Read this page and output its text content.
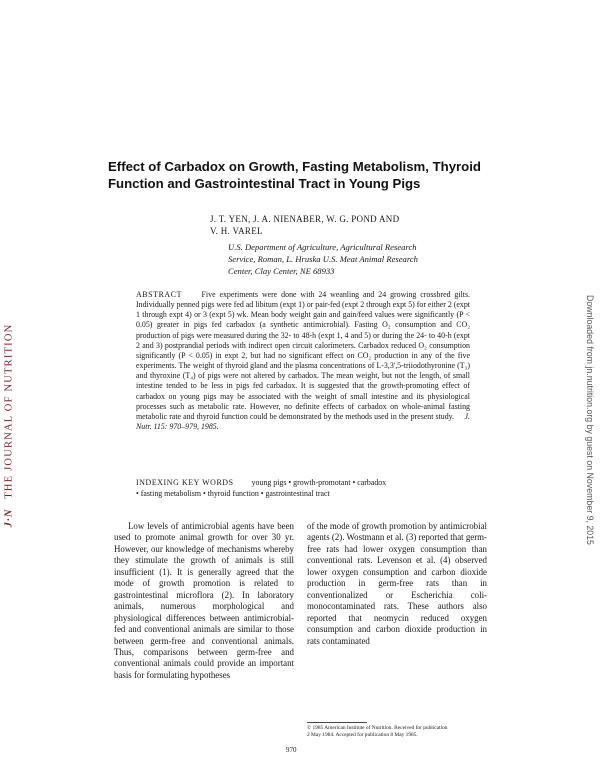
J·N THE JOURNAL OF NUTRITION	Downloaded from jn.nutrition.org by guest on November 9, 2015
Effect of Carbadox on Growth, Fasting Metabolism, Thyroid Function and Gastrointestinal Tract in Young Pigs
J. T. YEN, J. A. NIENABER, W. G. POND AND
V. H. VAREL
U.S. Department of Agriculture, Agricultural Research
Service, Roman, L. Hruska U.S. Meat Animal Research
Center, Clay Center, NE 68933
ABSTRACT Five experiments were done with 24 weanling and 24 growing crossbred gilts. Individually penned pigs were fed ad libitum (expt 1) or pair-fed (expt 2 through expt 5) for either 2 (expt 1 through expt 4) or 3 (expt 5) wk. Mean body weight gain and gain/feed values were significantly (P < 0.05) greater in pigs fed carbadox (a synthetic antimicrobial). Fasting O₂ consumption and CO₂ production of pigs were measured during the 32- to 48-h (expt 1, 4 and 5) or during the 24- to 40-h (expt 2 and 3) postprandial periods with indirect open circuit calorimeters. Carbadox reduced O₂ consumption significantly (P < 0.05) in expt 2, but had no significant effect on CO₂ production in any of the five experiments. The weight of thyroid gland and the plasma concentrations of L-3,3',5-triiodothyronine (T₃) and thyroxine (T₄) of pigs were not altered by carbadox. The mean weight, but not the length, of small intestine tended to be less in pigs fed carbadox. It is suggested that the growth-promoting effect of carbadox on young pigs may be associated with the weight of small intestine and its physiological processes such as metabolic rate. However, no definite effects of carbadox on whole-animal fasting metabolic rate and thyroid function could be demonstrated by the methods used in the present study. J. Nutr. 115: 970–979, 1985.
INDEXING KEY WORDS young pigs • growth-promotant • carbadox
• fasting metabolism • thyroid function • gastrointestinal tract

Low levels of antimicrobial agents have been used to promote animal growth for over 30 yr. However, our knowledge of mechanisms whereby they stimulate the growth of animals is still insufficient (1). It is generally agreed that the mode of growth promotion is related to gastrointestinal microflora (2). In laboratory animals, numerous morphological and physiological differences between antimicrobial-fed and conventional animals are similar to those between germ-free and conventional animals. Thus, comparisons between germ-free and conventional animals could provide an important basis for formulating hypotheses

of the mode of growth promotion by antimicrobial agents (2). Wostmann et al. (3) reported that germ-free rats had lower oxygen consumption than conventional rats. Levenson et al. (4) observed lower oxygen consumption and carbon dioxide production in germ-free rats than in conventionalized or Escherichia coli-monocontaminated rats. These authors also reported that neomycin reduced oxygen consumption and carbon dioxide production in rats contaminated

© 1985 American Institute of Nutrition. Received for publication
2 May 1984. Accepted for publication 8 May 1985.
970
